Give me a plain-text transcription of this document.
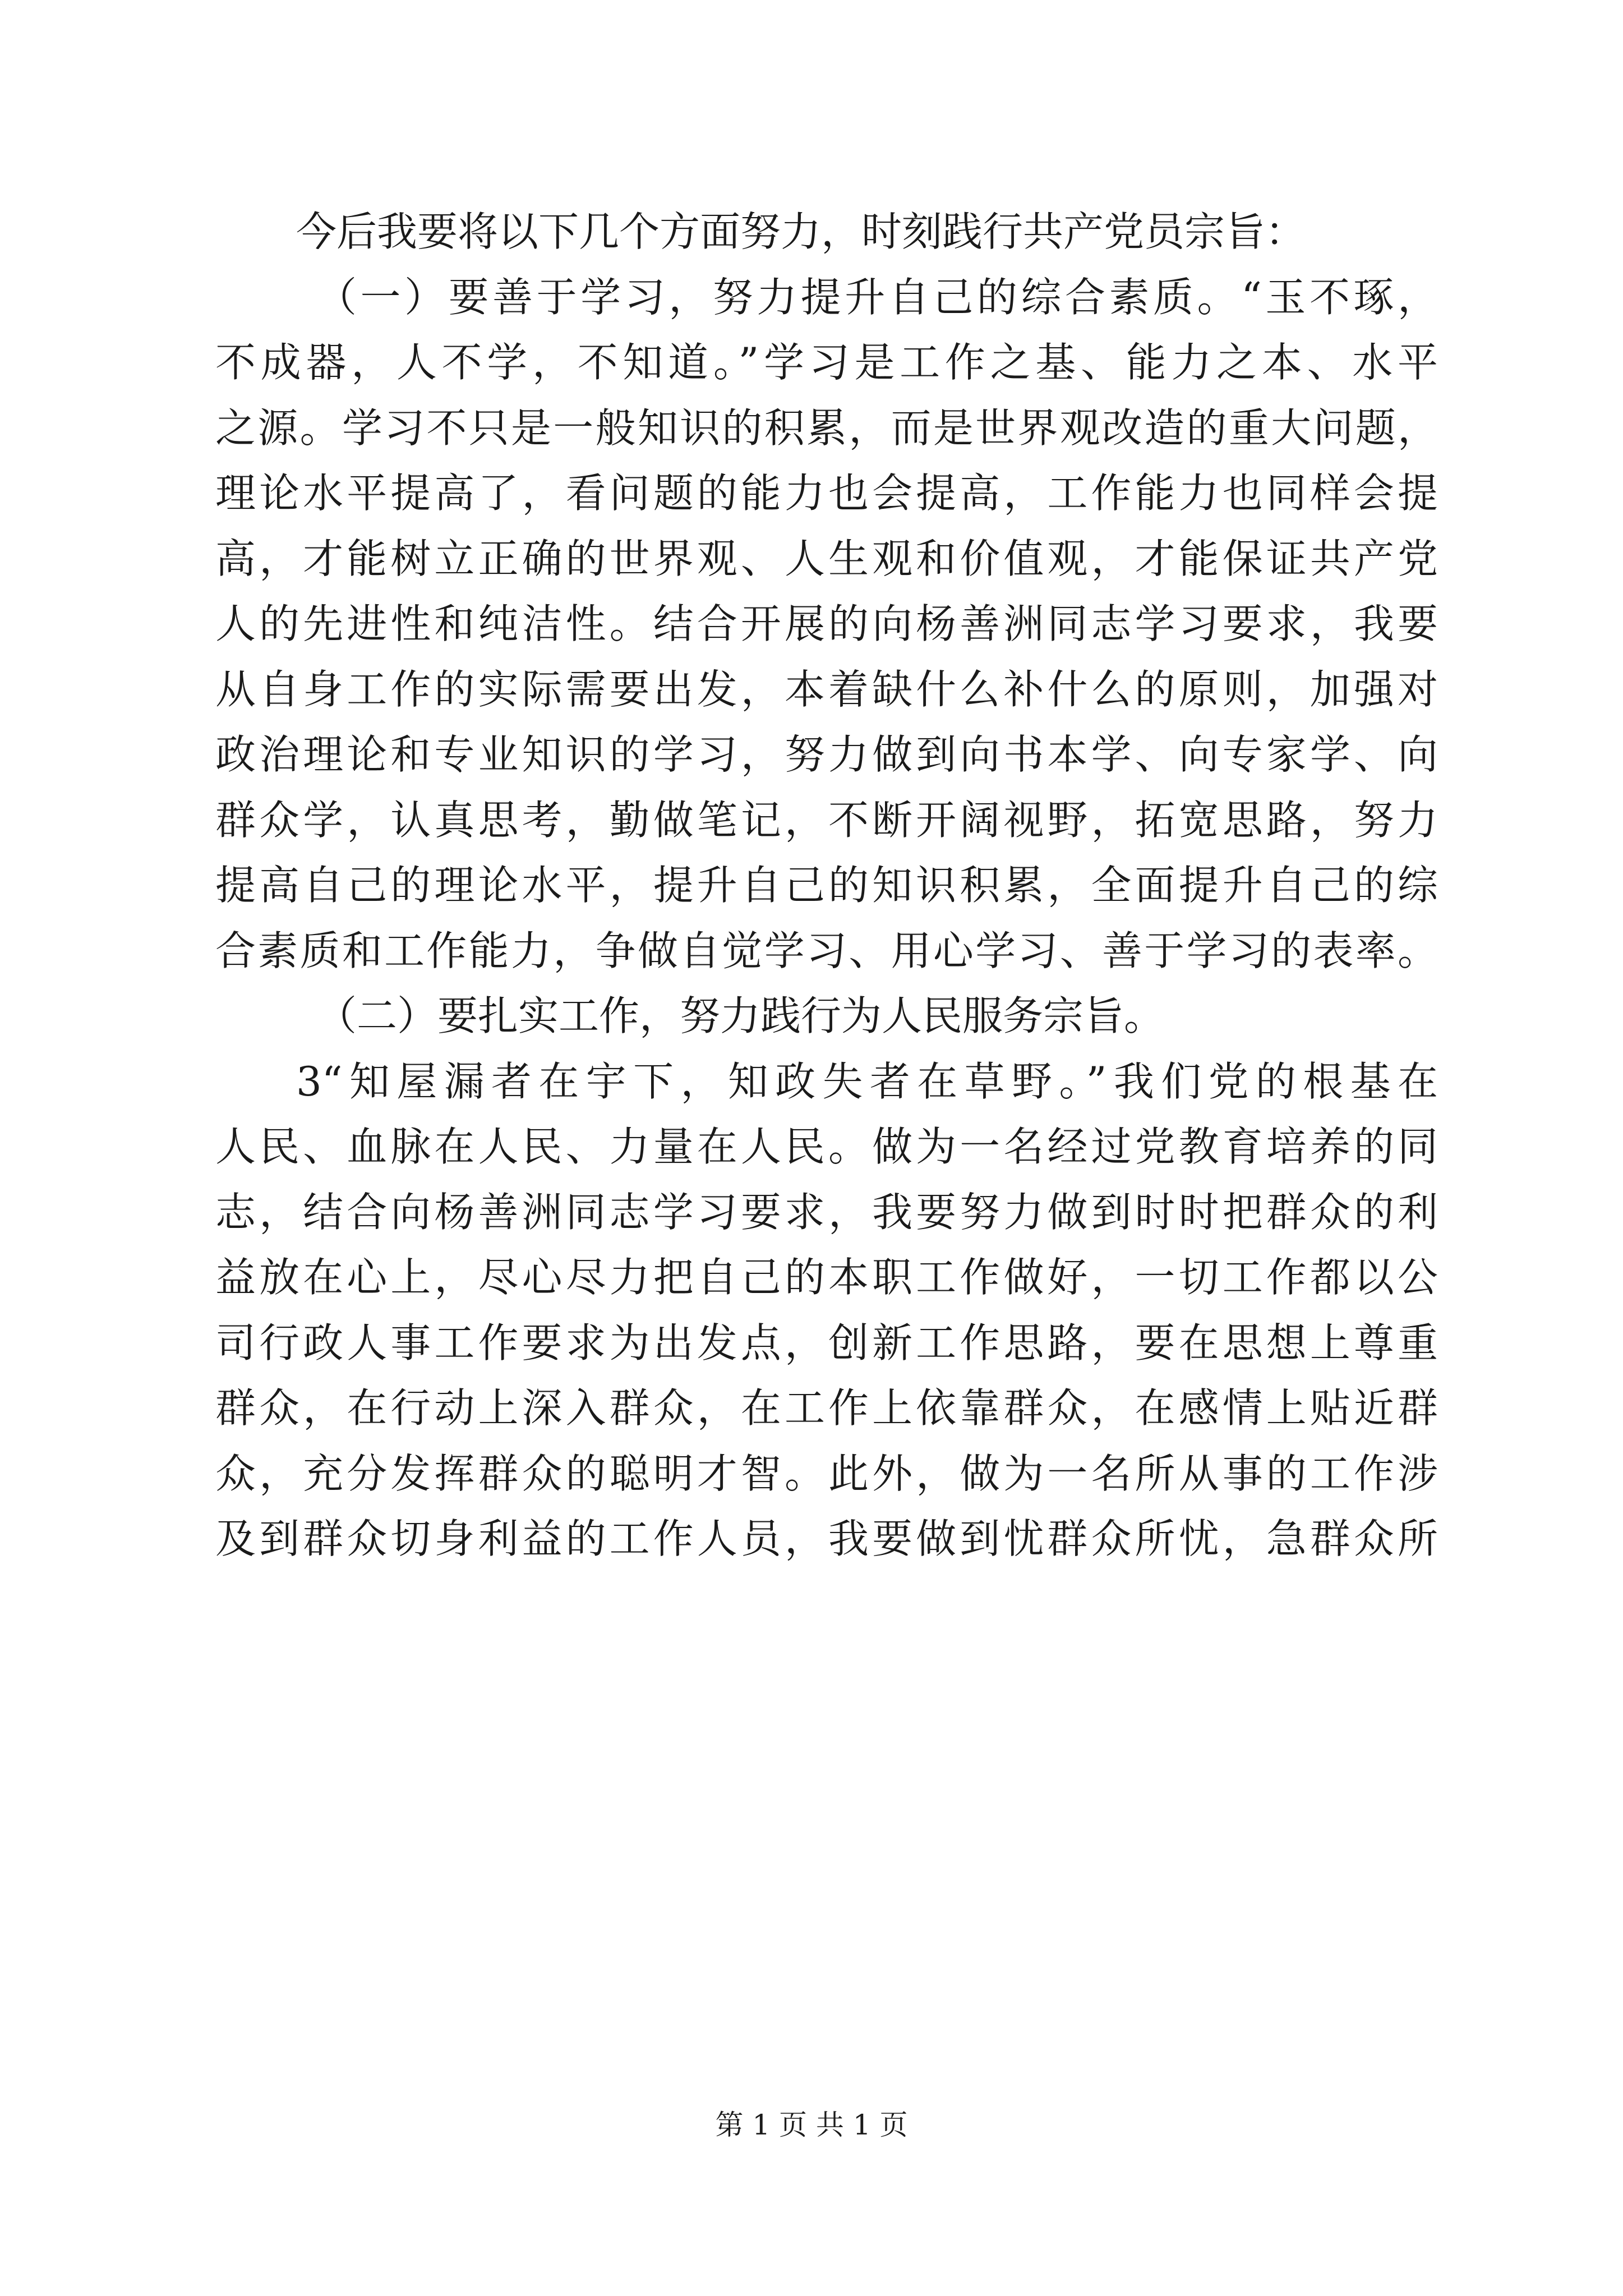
今后我要将以下几个方面努力，时刻践行共产党员宗旨：
（一）要善于学习，努力提升自己的综合素质。“玉不琢，
不成器，人不学，不知道。”学习是工作之基、能力之本、水平
之源。学习不只是一般知识的积累，而是世界观改造的重大问题，
理论水平提高了，看问题的能力也会提高，工作能力也同样会提
高，才能树立正确的世界观、人生观和价值观，才能保证共产党
人的先进性和纯洁性。结合开展的向杨善洲同志学习要求，我要
从自身工作的实际需要出发，本着缺什么补什么的原则，加强对
政治理论和专业知识的学习，努力做到向书本学、向专家学、向
群众学，认真思考，勤做笔记，不断开阔视野，拓宽思路，努力
提高自己的理论水平，提升自己的知识积累，全面提升自己的综
合素质和工作能力，争做自觉学习、用心学习、善于学习的表率。
（二）要扎实工作，努力践行为人民服务宗旨。
3“知屋漏者在宇下，知政失者在草野。”我们党的根基在
人民、血脉在人民、力量在人民。做为一名经过党教育培养的同
志，结合向杨善洲同志学习要求，我要努力做到时时把群众的利
益放在心上，尽心尽力把自己的本职工作做好，一切工作都以公
司行政人事工作要求为出发点，创新工作思路，要在思想上尊重
群众，在行动上深入群众，在工作上依靠群众，在感情上贴近群
众，充分发挥群众的聪明才智。此外，做为一名所从事的工作涉
及到群众切身利益的工作人员，我要做到忧群众所忧，急群众所
第 1 页 共 1 页
